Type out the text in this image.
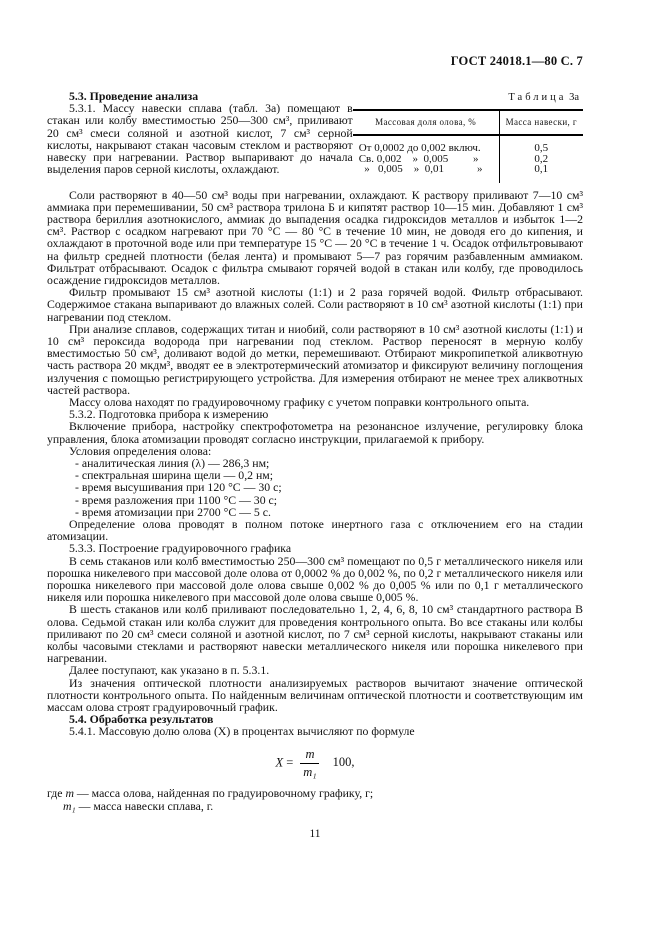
ГОСТ 24018.1—80 С. 7

5.3. Проведение анализа

5.3.1. Массу навески сплава (табл. 3а) помещают в стакан или колбу вместимостью 250—300 см³, приливают 20 см³ смеси соляной и азотной кислот, 7 см³ серной кислоты, накрывают стакан часовым стеклом и растворяют навеску при нагревании. Раствор выпаривают до начала выделения паров серной кислоты, охлаждают.

Таблица 3а
Массовая доля олова, %	Масса навески, г
От 0,0002 до 0,002 включ.	0,5
Св. 0,002    »  0,005         »	0,2
»   0,005    »  0,01            »	0,1

Соли растворяют в 40—50 см³ воды при нагревании, охлаждают. К раствору приливают 7—10 см³ аммиака при перемешивании, 50 см³ раствора трилона Б и кипятят раствор 10—15 мин. Добавляют 1 см³ раствора бериллия азотнокислого, аммиак до выпадения осадка гидроксидов металлов и избыток 1—2 см³. Раствор с осадком нагревают при 70 °С — 80 °С в течение 10 мин, не доводя его до кипения, и охлаждают в проточной воде или при температуре 15 °С — 20 °С в течение 1 ч. Осадок отфильтровывают на фильтр средней плотности (белая лента) и промывают 5—7 раз горячим разбавленным аммиаком. Фильтрат отбрасывают. Осадок с фильтра смывают горячей водой в стакан или колбу, где проводилось осаждение гидроксидов металлов.

Фильтр промывают 15 см³ азотной кислоты (1:1) и 2 раза горячей водой. Фильтр отбрасывают. Содержимое стакана выпаривают до влажных солей. Соли растворяют в 10 см³ азотной кислоты (1:1) при нагревании под стеклом.

При анализе сплавов, содержащих титан и ниобий, соли растворяют в 10 см³ азотной кислоты (1:1) и 10 см³ пероксида водорода при нагревании под стеклом. Раствор переносят в мерную колбу вместимостью 50 см³, доливают водой до метки, перемешивают. Отбирают микропипеткой аликвотную часть раствора 20 мкдм³, вводят ее в электротермический атомизатор и фиксируют величину поглощения излучения с помощью регистрирующего устройства. Для измерения отбирают не менее трех аликвотных частей раствора.

Массу олова находят по градуировочному графику с учетом поправки контрольного опыта.

5.3.2. Подготовка прибора к измерению

Включение прибора, настройку спектрофотометра на резонансное излучение, регулировку блока управления, блока атомизации проводят согласно инструкции, прилагаемой к прибору.

Условия определения олова:

- аналитическая линия (λ) — 286,3 нм;

- спектральная ширина щели — 0,2 нм;

- время высушивания при 120 °С — 30 с;

- время разложения при 1100 °С — 30 с;

- время атомизации при 2700 °С — 5 с.

Определение олова проводят в полном потоке инертного газа с отключением его на стадии атомизации.

5.3.3. Построение градуировочного графика

В семь стаканов или колб вместимостью 250—300 см³ помещают по 0,5 г металлического никеля или порошка никелевого при массовой доле олова от 0,0002 % до 0,002 %, по 0,2 г металлического никеля или порошка никелевого при массовой доле олова свыше 0,002 % до 0,005 % или по 0,1 г металлического никеля или порошка никелевого при массовой доле олова свыше 0,005 %.

В шесть стаканов или колб приливают последовательно 1, 2, 4, 6, 8, 10 см³ стандартного раствора В олова. Седьмой стакан или колба служит для проведения контрольного опыта. Во все стаканы или колбы приливают по 20 см³ смеси соляной и азотной кислот, по 7 см³ серной кислоты, накрывают стаканы или колбы часовыми стеклами и растворяют навески металлического никеля или порошка никелевого при нагревании.

Далее поступают, как указано в п. 5.3.1.

Из значения оптической плотности анализируемых растворов вычитают значение оптической плотности контрольного опыта. По найденным величинам оптической плотности и соответствующим им массам олова строят градуировочный график.

5.4. Обработка результатов

5.4.1. Массовую долю олова (X) в процентах вычисляют по формуле

$X = \frac{m}{\text{m₁}} 100$,

где m — масса олова, найденная по градуировочному графику, г;

m₁ — масса навески сплава, г.

11
